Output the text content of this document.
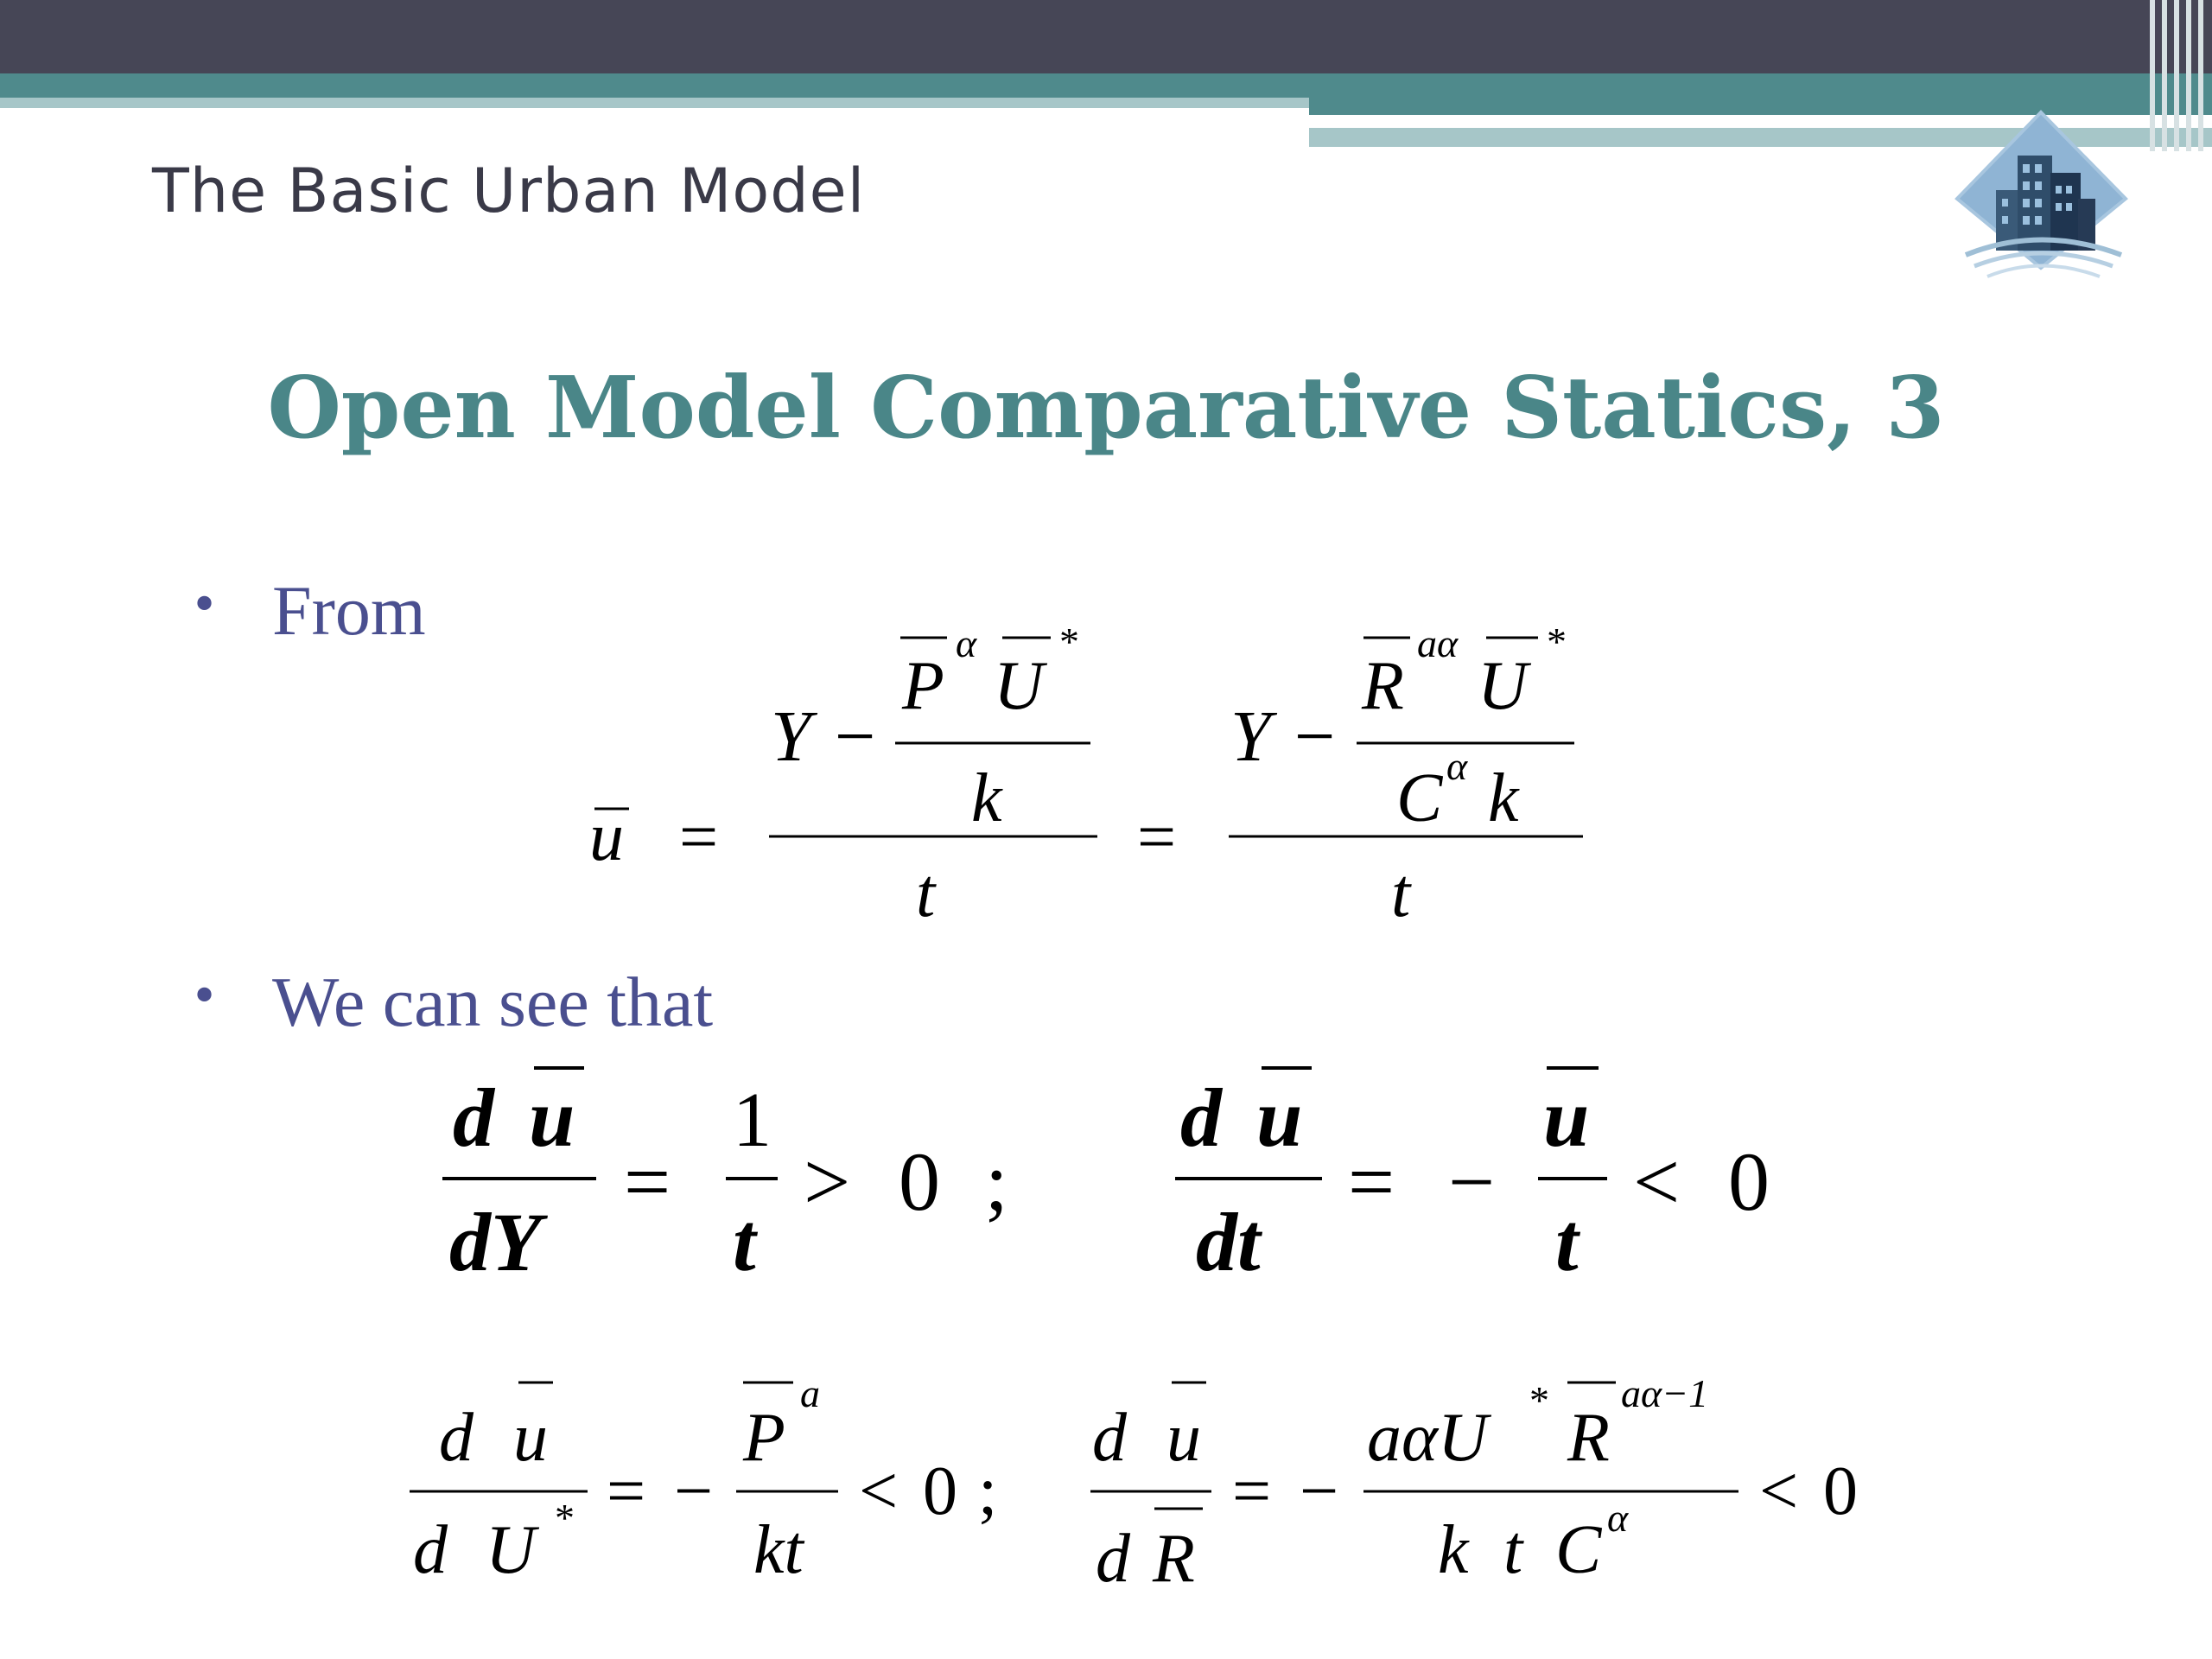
The Basic Urban Model
Open Model Comparative Statics, 3
• From
• We can see that
u =
Y −
P
α
U
*
k
t
=
Y −
R
aα
U
*
C α k
t
d u
dY
=
1
t
> 0 ;
d u
dt
= −
u
t
< 0
d u
d U * = −
P
a
kt
< 0 ;
d u
d R
= −
aαU * R
aα−1
k t C α < 0
